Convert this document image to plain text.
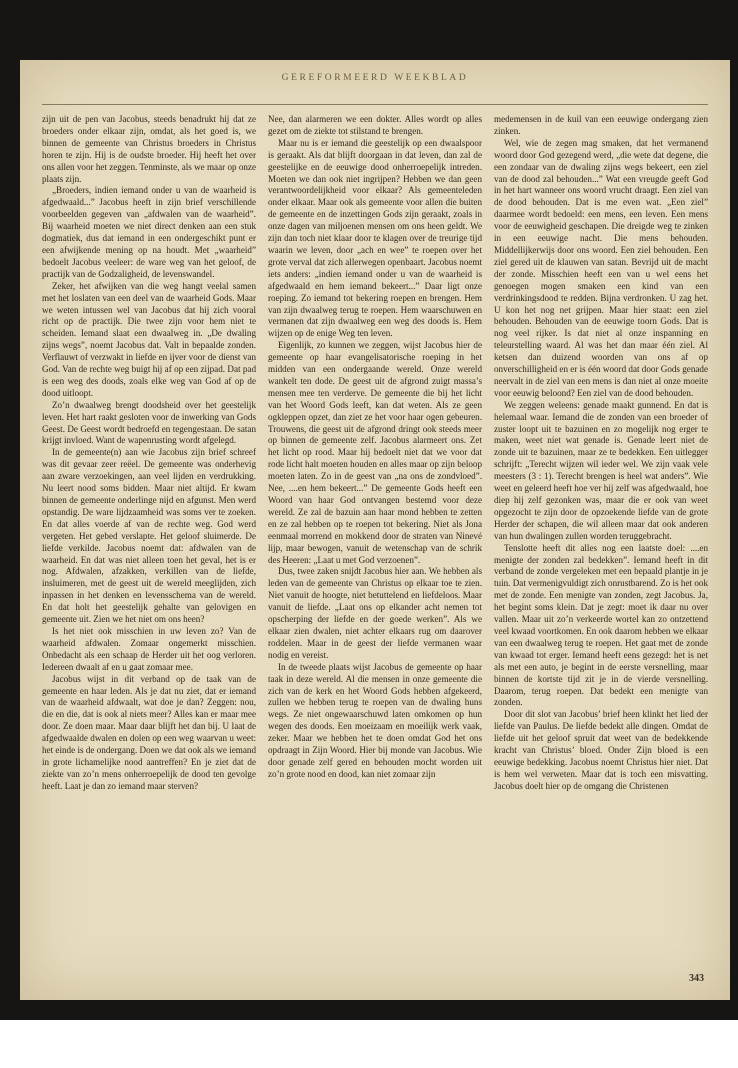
GEREFORMEERD WEEKBLAD

zijn uit de pen van Jacobus, steeds benadrukt hij dat ze broeders onder elkaar zijn, omdat, als het goed is, we binnen de gemeente van Christus broeders in Christus horen te zijn. Hij is de oudste broeder. Hij heeft het over ons allen voor het zeggen. Tenminste, als we maar op onze plaats zijn.

„Broeders, indien iemand onder u van de waarheid is afgedwaald...” Jacobus heeft in zijn brief verschillende voorbeelden gegeven van „afdwalen van de waarheid”. Bij waarheid moeten we niet direct denken aan een stuk dogmatiek, dus dat iemand in een ondergeschikt punt er een afwijkende mening op na houdt. Met „waarheid” bedoelt Jacobus veeleer: de ware weg van het geloof, de practijk van de Godzaligheid, de levenswandel.

Zeker, het afwijken van die weg hangt veelal samen met het loslaten van een deel van de waarheid Gods. Maar we weten intussen wel van Jacobus dat hij zich vooral richt op de practijk. Die twee zijn voor hem niet te scheiden. Iemand slaat een dwaalweg in. „De dwaling zijns wegs”, noemt Jacobus dat. Valt in bepaalde zonden. Verflauwt of verzwakt in liefde en ijver voor de dienst van God. Van de rechte weg buigt hij af op een zijpad. Dat pad is een weg des doods, zoals elke weg van God af op de dood uitloopt.

Zo’n dwaalweg brengt doodsheid over het geestelijk leven. Het hart raakt gesloten voor de inwerking van Gods Geest. De Geest wordt bedroefd en tegengestaan. De satan krijgt invloed. Want de wapenrusting wordt afgelegd.

In de gemeente(n) aan wie Jacobus zijn brief schreef was dit gevaar zeer reëel. De gemeente was onderhevig aan zware verzoekingen, aan veel lijden en verdrukking. Nu leert nood soms bidden. Maar niet altijd. Er kwam binnen de gemeente onderlinge nijd en afgunst. Men werd opstandig. De ware lijdzaamheid was soms ver te zoeken. En dat alles voerde af van de rechte weg. God werd vergeten. Het gebed verslapte. Het geloof sluimerde. De liefde verkilde. Jacobus noemt dat: afdwalen van de waarheid. En dat was niet alleen toen het geval, het is er nog. Afdwalen, afzakken, verkillen van de liefde, insluimeren, met de geest uit de wereld meeglijden, zich inpassen in het denken en levensschema van de wereld. En dat holt het geestelijk gehalte van gelovigen en gemeente uit. Zien we het niet om ons heen?

Is het niet ook misschien in uw leven zo? Van de waarheid afdwalen. Zomaar ongemerkt misschien. Onbedacht als een schaap de Herder uit het oog verloren. Iedereen dwaalt af en u gaat zomaar mee.

Jacobus wijst in dit verband op de taak van de gemeente en haar leden. Als je dat nu ziet, dat er iemand van de waarheid afdwaalt, wat doe je dan? Zeggen: nou, die en die, dat is ook al niets meer? Alles kan er maar mee door. Ze doen maar. Maar daar blijft het dan bij. U laat de afgedwaalde dwalen en dolen op een weg waarvan u weet: het einde is de ondergang. Doen we dat ook als we iemand in grote lichamelijke nood aantreffen? En je ziet dat de ziekte van zo’n mens onherroepelijk de dood ten gevolge heeft. Laat je dan zo iemand maar sterven?

Nee, dan alarmeren we een dokter. Alles wordt op alles gezet om de ziekte tot stilstand te brengen.

Maar nu is er iemand die geestelijk op een dwaalspoor is geraakt. Als dat blijft doorgaan in dat leven, dan zal de geestelijke en de eeuwige dood onherroepelijk intreden. Moeten we dan ook niet ingrijpen? Hebben we dan geen verantwoordelijkheid voor elkaar? Als gemeenteleden onder elkaar. Maar ook als gemeente voor allen die buiten de gemeente en de inzettingen Gods zijn geraakt, zoals in onze dagen van miljoenen mensen om ons heen geldt. We zijn dan toch niet klaar door te klagen over de treurige tijd waarin we leven, door „ach en wee” te roepen over het grote verval dat zich allerwegen openbaart. Jacobus noemt iets anders: „indien iemand onder u van de waarheid is afgedwaald en hem iemand bekeert...” Daar ligt onze roeping. Zo iemand tot bekering roepen en brengen. Hem van zijn dwaalweg terug te roepen. Hem waarschuwen en vermanen dat zijn dwaalweg een weg des doods is. Hem wijzen op de enige Weg ten leven.

Eigenlijk, zo kunnen we zeggen, wijst Jacobus hier de gemeente op haar evangelisatorische roeping in het midden van een ondergaande wereld. Onze wereld wankelt ten dode. De geest uit de afgrond zuigt massa’s mensen mee ten verderve. De gemeente die bij het licht van het Woord Gods leeft, kan dat weten. Als ze geen ogkleppen opzet, dan ziet ze het voor haar ogen gebeuren. Trouwens, die geest uit de afgrond dringt ook steeds meer op binnen de gemeente zelf. Jacobus alarmeert ons. Zet het licht op rood. Maar hij bedoelt niet dat we voor dat rode licht halt moeten houden en alles maar op zijn beloop moeten laten. Zo in de geest van „na ons de zondvloed”. Nee, ....en hem bekeert...” De gemeente Gods heeft een Woord van haar God ontvangen bestemd voor deze wereld. Ze zal de bazuin aan haar mond hebben te zetten en ze zal hebben op te roepen tot bekering. Niet als Jona eenmaal morrend en mokkend door de straten van Ninevé lijp, maar bewogen, vanuit de wetenschap van de schrik des Heeren: „Laat u met God verzoenen”.

Dus, twee zaken snijdt Jacobus hier aan. We hebben als leden van de gemeente van Christus op elkaar toe te zien. Niet vanuit de hoogte, niet betuttelend en liefdeloos. Maar vanuit de liefde. „Laat ons op elkander acht nemen tot opscherping der liefde en der goede werken”. Als we elkaar zien dwalen, niet achter elkaars rug om daarover roddelen. Maar in de geest der liefde vermanen waar nodig en vereist.

In de tweede plaats wijst Jacobus de gemeente op haar taak in deze wereld. Al die mensen in onze gemeente die zich van de kerk en het Woord Gods hebben afgekeerd, zullen we hebben terug te roepen van de dwaling huns wegs. Ze niet ongewaarschuwd laten omkomen op hun wegen des doods. Een moeizaam en moeilijk werk vaak, zeker. Maar we hebben het te doen omdat God het ons opdraagt in Zijn Woord. Hier bij monde van Jacobus. Wie door genade zelf gered en behouden mocht worden uit zo’n grote nood en dood, kan niet zomaar zijn

medemensen in de kuil van een eeuwige ondergang zien zinken.

Wel, wie de zegen mag smaken, dat het vermanend woord door God gezegend werd, „die wete dat degene, die een zondaar van de dwaling zijns wegs bekeert, een ziel van de dood zal behouden...” Wat een vreugde geeft God in het hart wanneer ons woord vrucht draagt. Een ziel van de dood behouden. Dat is me even wat. „Een ziel” daarmee wordt bedoeld: een mens, een leven. Een mens voor de eeuwigheid geschapen. Die dreigde weg te zinken in een eeuwige nacht. Die mens behouden. Middellijkerwijs door ons woord. Een ziel behouden. Een ziel gered uit de klauwen van satan. Bevrijd uit de macht der zonde. Misschien heeft een van u wel eens het genoegen mogen smaken een kind van een verdrinkingsdood te redden. Bijna verdronken. U zag het. U kon het nog net grijpen. Maar hier staat: een ziel behouden. Behouden van de eeuwige toorn Gods. Dat is nog veel rijker. Is dat niet al onze inspanning en teleurstelling waard. Al was het dan maar één ziel. Al ketsen dan duizend woorden van ons af op onverschilligheid en er is één woord dat door Gods genade neervalt in de ziel van een mens is dan niet al onze moeite voor eeuwig beloond? Een ziel van de dood behouden.

We zeggen weleens: genade maakt gunnend. En dat is helemaal waar. Iemand die de zonden van een broeder of zuster loopt uit te bazuinen en zo mogelijk nog erger te maken, weet niet wat genade is. Genade leert niet de zonde uit te bazuinen, maar ze te bedekken. Een uitlegger schrijft: „Terecht wijzen wil ieder wel. We zijn vaak vele meesters (3 : 1). Terecht brengen is heel wat anders”. Wie weet en geleerd heeft hoe ver hij zelf was afgedwaald, hoe diep hij zelf gezonken was, maar die er ook van weet opgezocht te zijn door de opzoekende liefde van de grote Herder der schapen, die wil alleen maar dat ook anderen van hun dwalingen zullen worden teruggebracht.

Tenslotte heeft dit alles nog een laatste doel: ....en menigte der zonden zal bedekken”. Iemand heeft in dit verband de zonde vergeleken met een bepaald plantje in je tuin. Dat vermenigvuldigt zich onrustbarend. Zo is het ook met de zonde. Een menigte van zonden, zegt Jacobus. Ja, het begint soms klein. Dat je zegt: moet ik daar nu over vallen. Maar uit zo’n verkeerde wortel kan zo ontzettend veel kwaad voortkomen. En ook daarom hebben we elkaar van een dwaalweg terug te roepen. Het gaat met de zonde van kwaad tot erger. Iemand heeft eens gezegd: het is net als met een auto, je begint in de eerste versnelling, maar binnen de kortste tijd zit je in de vierde versnelling. Daarom, terug roepen. Dat bedekt een menigte van zonden.

Door dit slot van Jacobus’ brief heen klinkt het lied der liefde van Paulus. De liefde bedekt alle dingen. Omdat de liefde uit het geloof spruit dat weet van de bedekkende kracht van Christus’ bloed. Onder Zijn bloed is een eeuwige bedekking. Jacobus noemt Christus hier niet. Dat is hem wel verweten. Maar dat is toch een misvatting. Jacobus doelt hier op de omgang die Christenen

343
